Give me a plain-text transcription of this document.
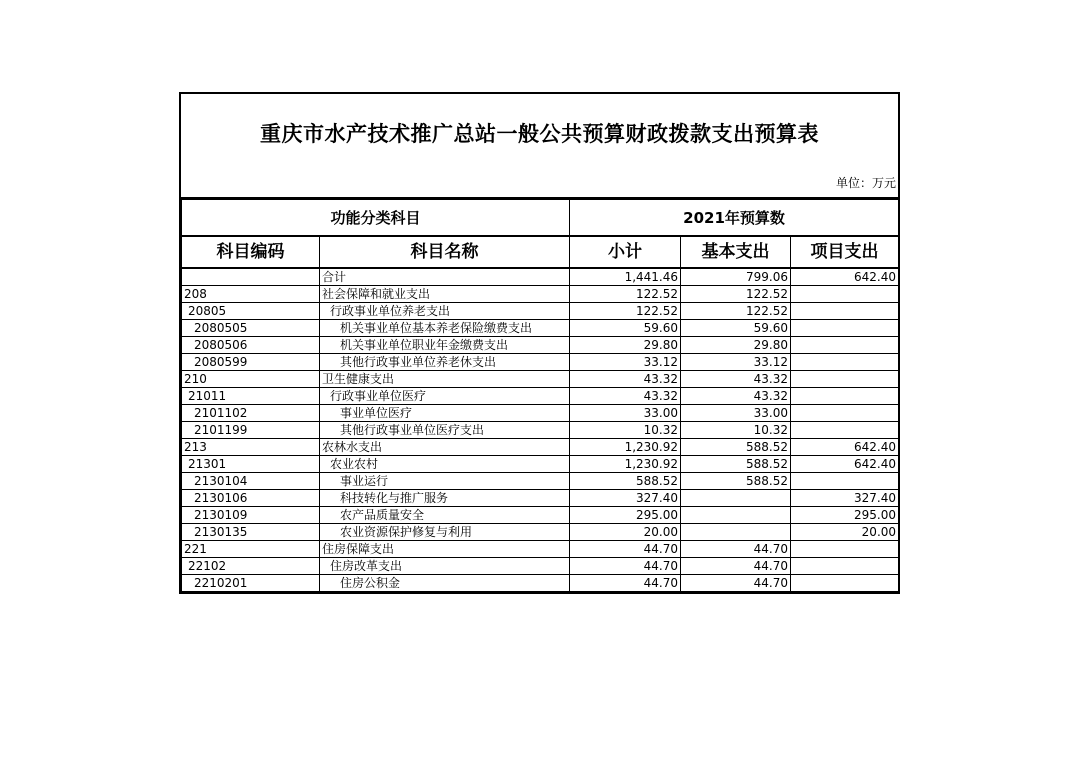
重庆市水产技术推广总站一般公共预算财政拨款支出预算表
单位：万元
功能分类科目		2021年预算数		
科目编码	科目名称	小计	基本支出	项目支出
	合计	1,441.46	799.06	642.40
208	社会保障和就业支出	122.52	122.52	
20805	行政事业单位养老支出	122.52	122.52	
2080505	机关事业单位基本养老保险缴费支出	59.60	59.60	
2080506	机关事业单位职业年金缴费支出	29.80	29.80	
2080599	其他行政事业单位养老休支出	33.12	33.12	
210	卫生健康支出	43.32	43.32	
21011	行政事业单位医疗	43.32	43.32	
2101102	事业单位医疗	33.00	33.00	
2101199	其他行政事业单位医疗支出	10.32	10.32	
213	农林水支出	1,230.92	588.52	642.40
21301	农业农村	1,230.92	588.52	642.40
2130104	事业运行	588.52	588.52	
2130106	科技转化与推广服务	327.40		327.40
2130109	农产品质量安全	295.00		295.00
2130135	农业资源保护修复与利用	20.00		20.00
221	住房保障支出	44.70	44.70	
22102	住房改革支出	44.70	44.70	
2210201	住房公积金	44.70	44.70	
